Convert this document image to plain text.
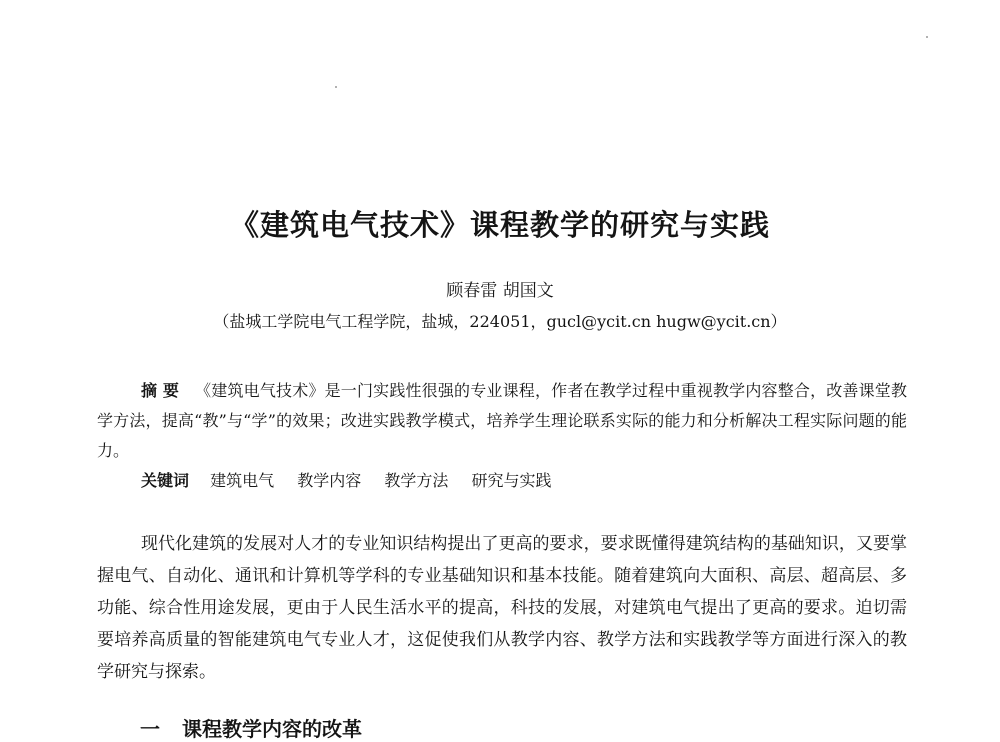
《建筑电气技术》课程教学的研究与实践

顾春雷 胡国文

（盐城工学院电气工程学院，盐城，224051，gucl@ycit.cn hugw@ycit.cn）

摘 要 《建筑电气技术》是一门实践性很强的专业课程，作者在教学过程中重视教学内容整合，改善课堂教学方法，提高“教”与“学”的效果；改进实践教学模式，培养学生理论联系实际的能力和分析解决工程实际问题的能力。

关键词 建筑电气 教学内容 教学方法 研究与实践

现代化建筑的发展对人才的专业知识结构提出了更高的要求，要求既懂得建筑结构的基础知识，又要掌握电气、自动化、通讯和计算机等学科的专业基础知识和基本技能。随着建筑向大面积、高层、超高层、多功能、综合性用途发展，更由于人民生活水平的提高，科技的发展，对建筑电气提出了更高的要求。迫切需要培养高质量的智能建筑电气专业人才，这促使我们从教学内容、教学方法和实践教学等方面进行深入的教学研究与探索。

一 课程教学内容的改革
